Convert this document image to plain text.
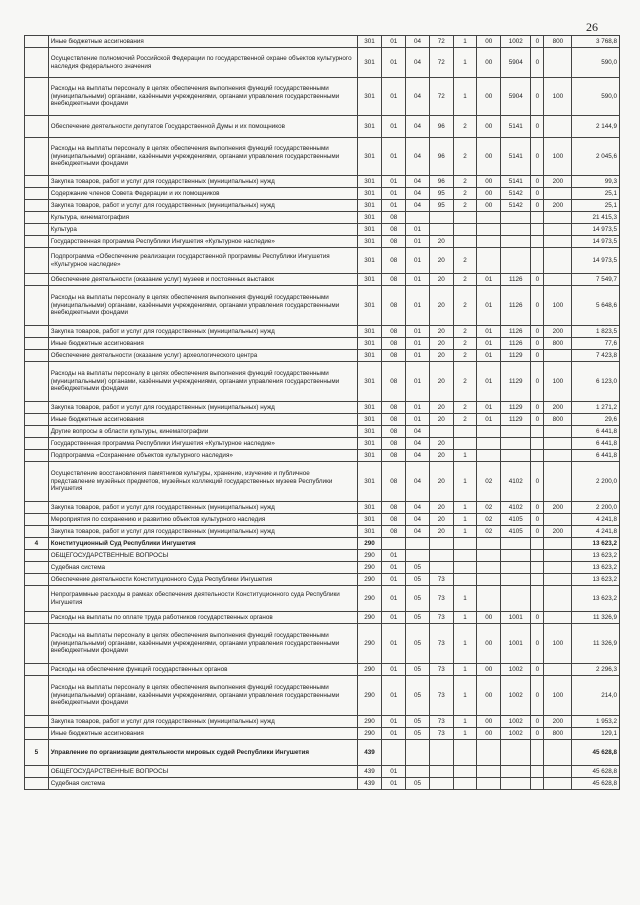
26
	Иные бюджетные ассигнования	301	01	04	72	1	00	1002	0	800	3 768,8
	Осуществление полномочий Российской Федерации по государственной охране объектов культурного наследия федерального значения	301	01	04	72	1	00	5904	0		590,0
	Расходы на выплаты персоналу в целях обеспечения выполнения функций государственными (муниципальными) органами, казёнными учреждениями, органами управления государственными внебюджетными фондами	301	01	04	72	1	00	5904	0	100	590,0
	Обеспечение деятельности депутатов Государственной Думы и их помощников	301	01	04	96	2	00	5141	0		2 144,9
	Расходы на выплаты персоналу в целях обеспечения выполнения функций государственными (муниципальными) органами, казёнными учреждениями, органами управления государственными внебюджетными фондами	301	01	04	96	2	00	5141	0	100	2 045,6
	Закупка товаров, работ и услуг для государственных (муниципальных) нужд	301	01	04	96	2	00	5141	0	200	99,3
	Содержание членов Совета Федерации и их помощников	301	01	04	95	2	00	5142	0		25,1
	Закупка товаров, работ и услуг для государственных (муниципальных) нужд	301	01	04	95	2	00	5142	0	200	25,1
	Культура, кинематография	301	08								21 415,3
	Культура	301	08	01							14 973,5
	Государственная программа Республики Ингушетия «Культурное наследие»	301	08	01	20						14 973,5
	Подпрограмма «Обеспечение реализации государственной программы Республики Ингушетия «Культурное наследие»	301	08	01	20	2					14 973,5
	Обеспечение деятельности (оказание услуг) музеев и постоянных выставок	301	08	01	20	2	01	1126	0		7 549,7
	Расходы на выплаты персоналу в целях обеспечения выполнения функций государственными (муниципальными) органами, казёнными учреждениями, органами управления государственными внебюджетными фондами	301	08	01	20	2	01	1126	0	100	5 648,6
	Закупка товаров, работ и услуг для государственных (муниципальных) нужд	301	08	01	20	2	01	1126	0	200	1 823,5
	Иные бюджетные ассигнования	301	08	01	20	2	01	1126	0	800	77,6
	Обеспечение деятельности (оказание услуг) археологического центра	301	08	01	20	2	01	1129	0		7 423,8
	Расходы на выплаты персоналу в целях обеспечения выполнения функций государственными (муниципальными) органами, казёнными учреждениями, органами управления государственными внебюджетными фондами	301	08	01	20	2	01	1129	0	100	6 123,0
	Закупка товаров, работ и услуг для государственных (муниципальных) нужд	301	08	01	20	2	01	1129	0	200	1 271,2
	Иные бюджетные ассигнования	301	08	01	20	2	01	1129	0	800	29,6
	Другие вопросы в области культуры, кинематографии	301	08	04							6 441,8
	Государственная программа Республики Ингушетия «Культурное наследие»	301	08	04	20						6 441,8
	Подпрограмма «Сохранение объектов культурного наследия»	301	08	04	20	1					6 441,8
	Осуществление восстановления памятников культуры, хранение, изучение и публичное представление музейных предметов, музейных коллекций государственных музеев Республики Ингушетия	301	08	04	20	1	02	4102	0		2 200,0
	Закупка товаров, работ и услуг для государственных (муниципальных) нужд	301	08	04	20	1	02	4102	0	200	2 200,0
	Мероприятия по сохранению и развитию объектов культурного наследия	301	08	04	20	1	02	4105	0		4 241,8
	Закупка товаров, работ и услуг для государственных (муниципальных) нужд	301	08	04	20	1	02	4105	0	200	4 241,8
4	Конституционный Суд Республики Ингушетия	290									13 623,2
	ОБЩЕГОСУДАРСТВЕННЫЕ ВОПРОСЫ	290	01								13 623,2
	Судебная система	290	01	05							13 623,2
	Обеспечение деятельности Конституционного Суда Республики Ингушетия	290	01	05	73						13 623,2
	Непрограммные расходы в рамках обеспечения деятельности Конституционного суда Республики Ингушетия	290	01	05	73	1					13 623,2
	Расходы на выплаты по оплате труда работников государственных органов	290	01	05	73	1	00	1001	0		11 326,9
	Расходы на выплаты персоналу в целях обеспечения выполнения функций государственными (муниципальными) органами, казёнными учреждениями, органами управления государственными внебюджетными фондами	290	01	05	73	1	00	1001	0	100	11 326,9
	Расходы на обеспечение функций государственных органов	290	01	05	73	1	00	1002	0		2 296,3
	Расходы на выплаты персоналу в целях обеспечения выполнения функций государственными (муниципальными) органами, казёнными учреждениями, органами управления государственными внебюджетными фондами	290	01	05	73	1	00	1002	0	100	214,0
	Закупка товаров, работ и услуг для государственных (муниципальных) нужд	290	01	05	73	1	00	1002	0	200	1 953,2
	Иные бюджетные ассигнования	290	01	05	73	1	00	1002	0	800	129,1
5	Управление по организации деятельности мировых судей Республики Ингушетия	439									45 628,8
	ОБЩЕГОСУДАРСТВЕННЫЕ ВОПРОСЫ	439	01								45 628,8
	Судебная система	439	01	05							45 628,8
